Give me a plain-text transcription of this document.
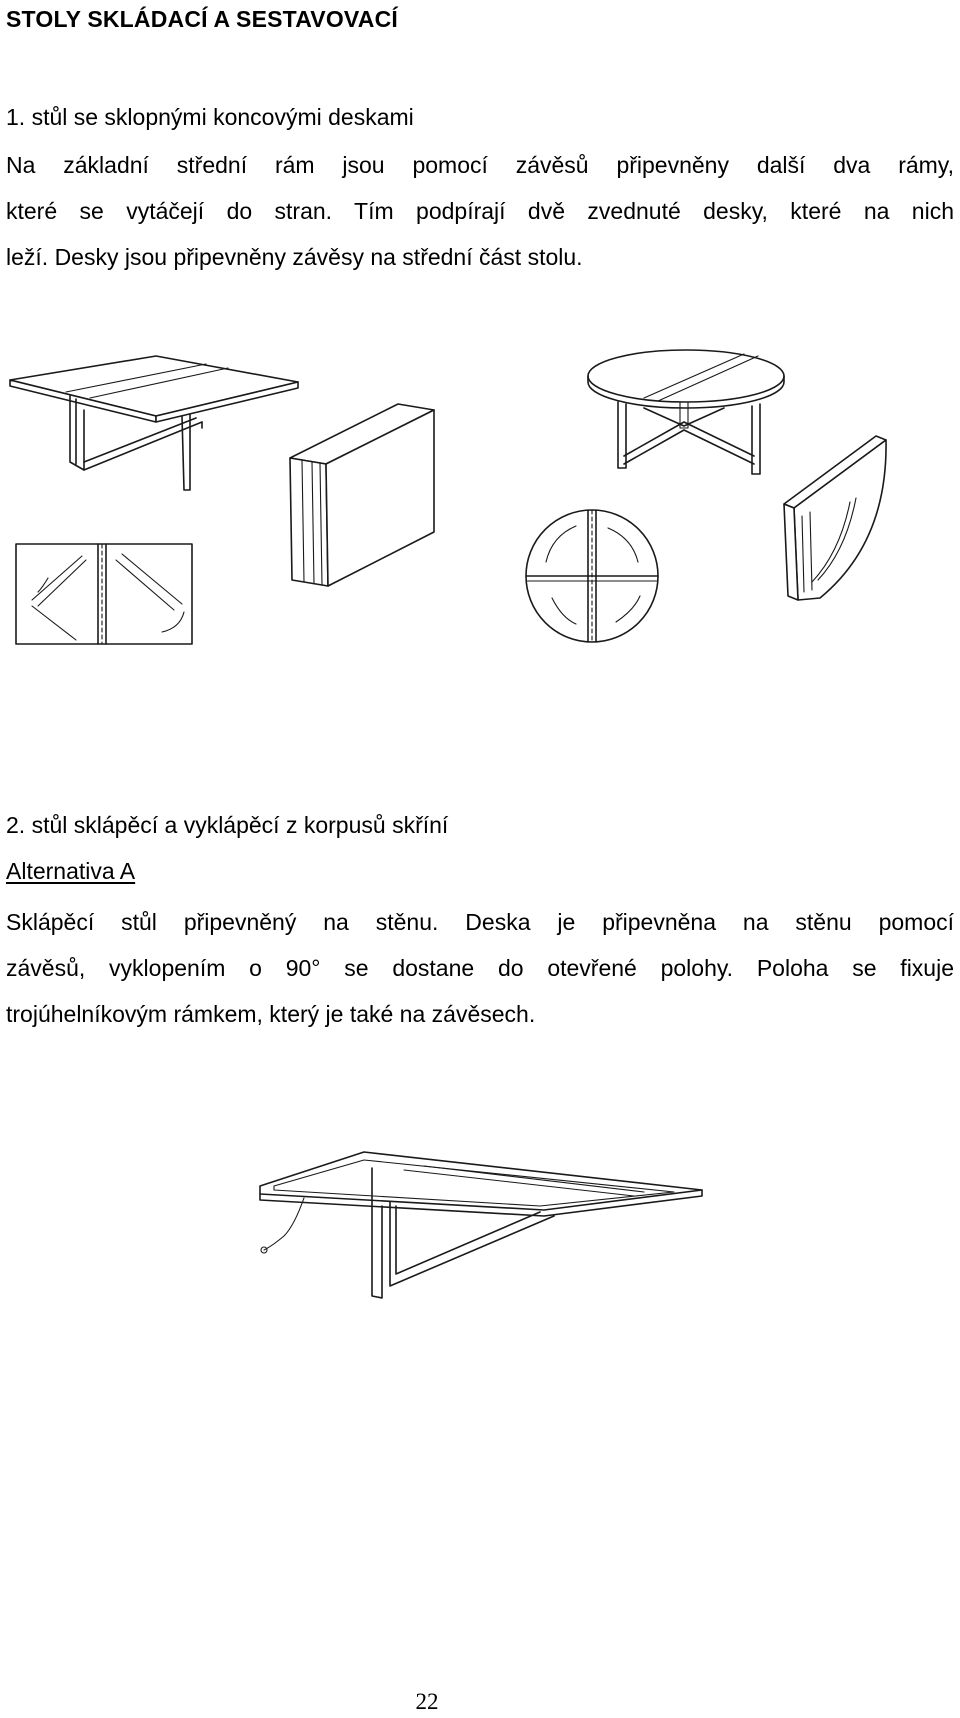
STOLY SKLÁDACÍ A SESTAVOVACÍ
1. stůl se sklopnými koncovými deskami
Na základní střední rám jsou pomocí závěsů připevněny další dva rámy,
které se vytáčejí do stran. Tím podpírají dvě zvednuté desky, které na nich
leží. Desky jsou připevněny závěsy na střední část stolu.
2. stůl sklápěcí a vyklápěcí z korpusů skříní
Alternativa A
Sklápěcí stůl připevněný na stěnu. Deska je připevněna na stěnu pomocí
závěsů, vyklopením o 90° se dostane do otevřené polohy. Poloha se fixuje
trojúhelníkovým rámkem, který je také na závěsech.
22
